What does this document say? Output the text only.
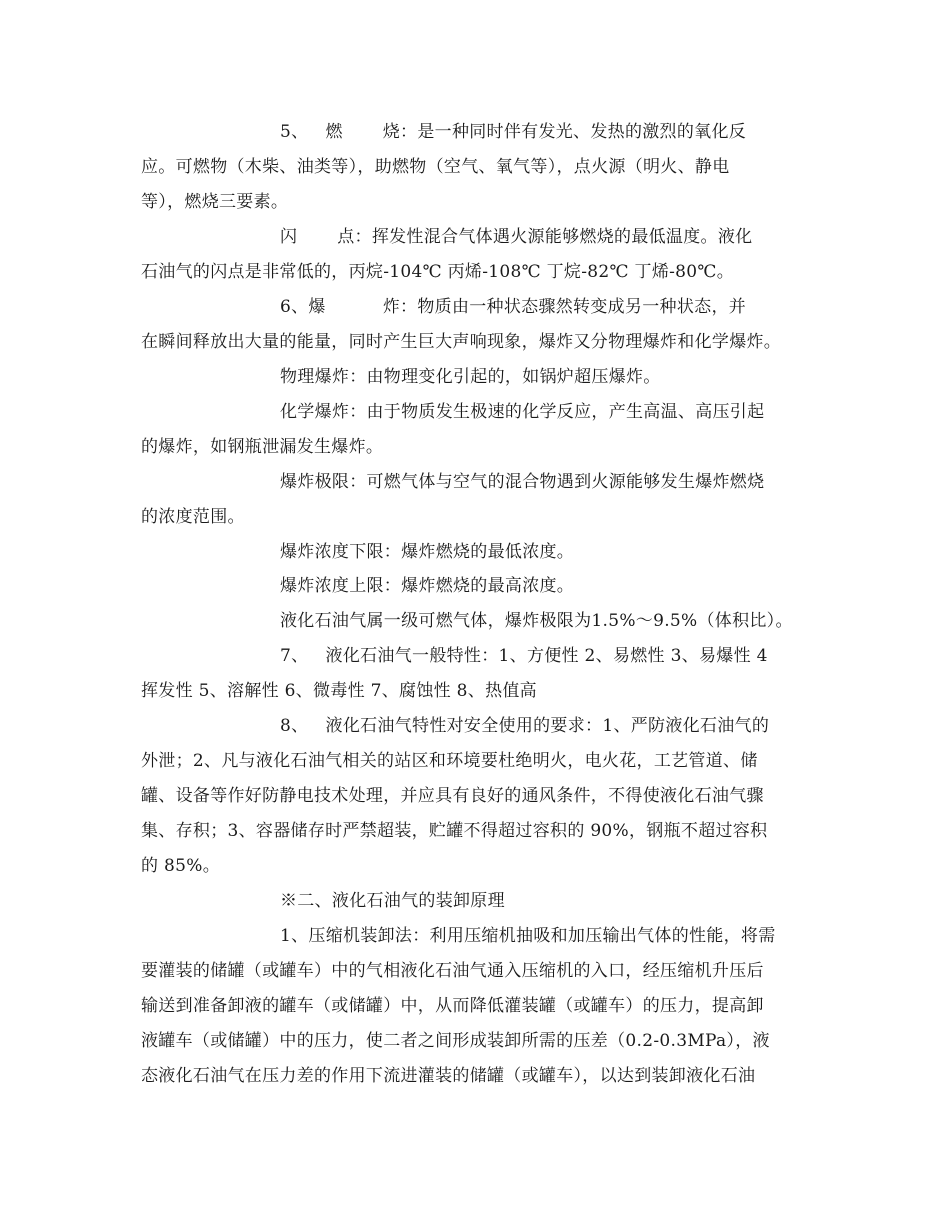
5、   燃       烧：是一种同时伴有发光、发热的激烈的氧化反
应。可燃物（木柴、油类等），助燃物（空气、氧气等），点火源（明火、静电
等），燃烧三要素。
闪       点：挥发性混合气体遇火源能够燃烧的最低温度。液化
石油气的闪点是非常低的，丙烷-104℃ 丙烯-108℃ 丁烷-82℃ 丁烯-80℃。
6、爆          炸：物质由一种状态骤然转变成另一种状态，并
在瞬间释放出大量的能量，同时产生巨大声响现象，爆炸又分物理爆炸和化学爆炸。
物理爆炸：由物理变化引起的，如锅炉超压爆炸。
化学爆炸：由于物质发生极速的化学反应，产生高温、高压引起
的爆炸，如钢瓶泄漏发生爆炸。
爆炸极限：可燃气体与空气的混合物遇到火源能够发生爆炸燃烧
的浓度范围。
爆炸浓度下限：爆炸燃烧的最低浓度。
爆炸浓度上限：爆炸燃烧的最高浓度。
液化石油气属一级可燃气体，爆炸极限为1.5%～9.5%（体积比）。
7、   液化石油气一般特性：1、方便性 2、易燃性 3、易爆性 4
挥发性 5、溶解性 6、微毒性 7、腐蚀性 8、热值高
8、   液化石油气特性对安全使用的要求：1、严防液化石油气的
外泄；2、凡与液化石油气相关的站区和环境要杜绝明火，电火花，工艺管道、储
罐、设备等作好防静电技术处理，并应具有良好的通风条件，不得使液化石油气骤
集、存积；3、容器储存时严禁超装，贮罐不得超过容积的 90%，钢瓶不超过容积
的 85%。
※二、液化石油气的装卸原理
1、压缩机装卸法：利用压缩机抽吸和加压输出气体的性能，将需
要灌装的储罐（或罐车）中的气相液化石油气通入压缩机的入口，经压缩机升压后
输送到准备卸液的罐车（或储罐）中，从而降低灌装罐（或罐车）的压力，提高卸
液罐车（或储罐）中的压力，使二者之间形成装卸所需的压差（0.2-0.3MPa），液
态液化石油气在压力差的作用下流进灌装的储罐（或罐车），以达到装卸液化石油
